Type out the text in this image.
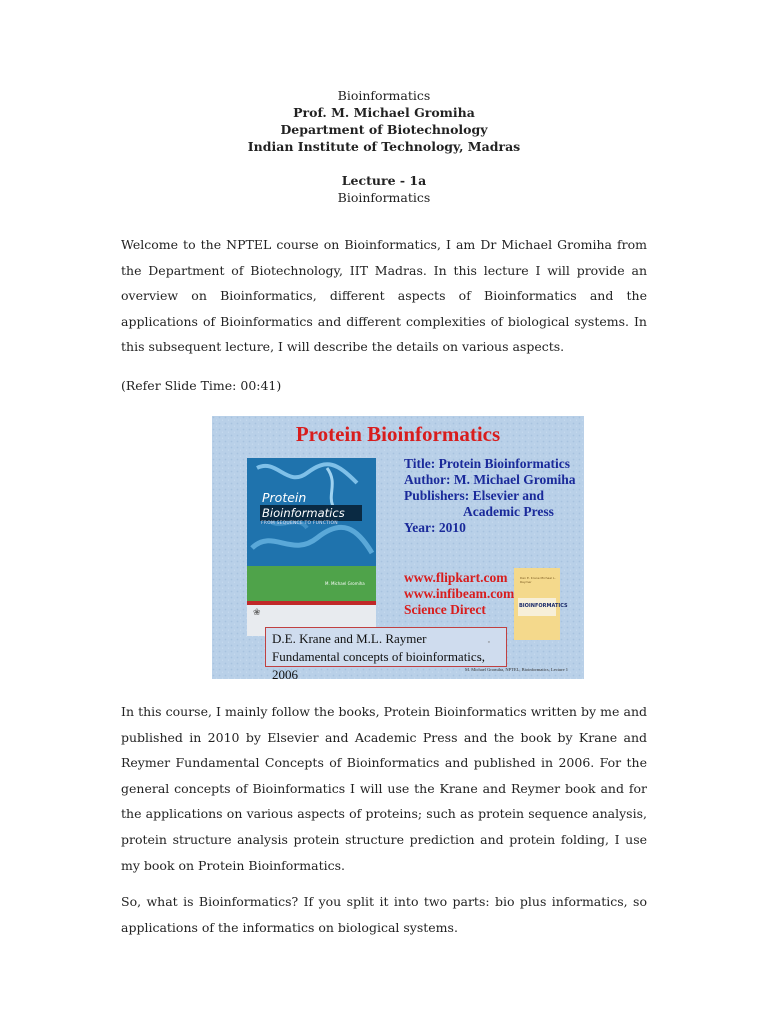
Bioinformatics
Prof. M. Michael Gromiha
Department of Biotechnology
Indian Institute of Technology, Madras
Lecture - 1a
Bioinformatics
Welcome to the NPTEL course on Bioinformatics, I am Dr Michael Gromiha from the Department of Biotechnology, IIT Madras. In this lecture I will provide an overview on Bioinformatics, different aspects of Bioinformatics and the applications of Bioinformatics and different complexities of biological systems. In this subsequent lecture, I will describe the details on various aspects.
(Refer Slide Time: 00:41)
Protein Bioinformatics
Protein
Bioinformatics
FROM SEQUENCE TO FUNCTION
M. Michael Gromiha
❀
Title: Protein Bioinformatics
Author: M. Michael Gromiha
Publishers: Elsevier and
Academic Press
Year: 2010
www.flipkart.com
www.infibeam.com
Science Direct
Dan E. Krane Michael L. Raymer
BIOINFORMATICS
D.E. Krane and M.L. Raymer
Fundamental concepts of bioinformatics, 2006
▫
M. Michael Gromiha, NPTEL, Bioinformatics, Lecture 1
In this course, I mainly follow the books, Protein Bioinformatics written by me and published in 2010 by Elsevier and Academic Press and the book by Krane and Reymer Fundamental Concepts of Bioinformatics and published in 2006. For the general concepts of Bioinformatics I will use the Krane and Reymer book and for the applications on various aspects of proteins; such as protein sequence analysis, protein structure analysis protein structure prediction and protein folding, I use my book on Protein Bioinformatics.
So, what is Bioinformatics? If you split it into two parts: bio plus informatics, so applications of the informatics on biological systems.
